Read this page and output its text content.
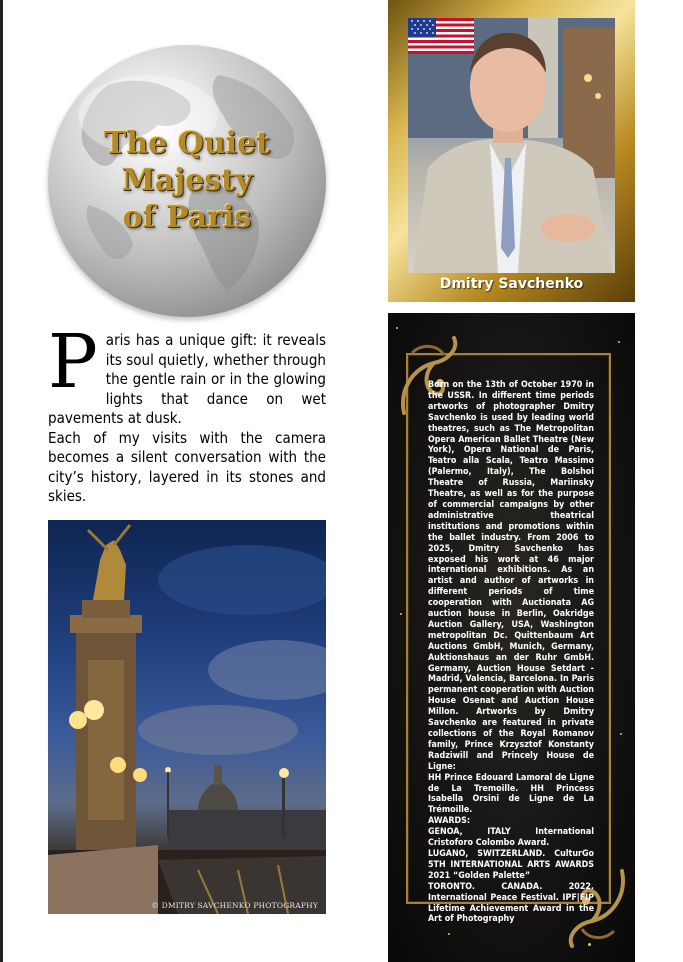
The Quiet
Majesty
of Paris
Dmitry Savchenko
P aris has a unique gift: it reveals its soul quietly, whether through the gentle rain or in the glowing lights that dance on wet pavements at dusk.

Each of my visits with the camera becomes a silent conversation with the city’s history, layered in its stones and skies.

© DMITRY SAVCHENKO PHOTOGRAPHY

Born on the 13th of October 1970 in the USSR. In different time periods artworks of photographer Dmitry Savchenko is used by leading world theatres, such as The Metropolitan Opera American Ballet Theatre (New York), Opera National de Paris, Teatro alla Scala, Teatro Massimo (Palermo, Italy), The Bolshoi Theatre of Russia, Mariinsky Theatre, as well as for the purpose of commercial campaigns by other administrative theatrical institutions and promotions within the ballet industry. From 2006 to 2025, Dmitry Savchenko has exposed his work at 46 major international exhibitions. As an artist and author of artworks in different periods of time cooperation with Auctionata AG auction house in Berlin, Oakridge Auction Gallery, USA, Washington metropolitan Dc. Quittenbaum Art Auctions GmbH, Munich, Germany, Auktionshaus an der Ruhr GmbH. Germany, Auction House Setdart - Madrid, Valencia, Barcelona. In Paris permanent cooperation with Auction House Osenat and Auction House Millon. Artworks by Dmitry Savchenko are featured in private collections of the Royal Romanov family, Prince Krzysztof Konstanty Radziwill and Princely House de Ligne:

HH Prince Edouard Lamoral de Ligne de La Tremoille. HH Princess Isabella Orsini de Ligne de La Trémoille.

AWARDS:

GENOA, ITALY International Cristoforo Colombo Award.

LUGANO, SWITZERLAND. CulturGo 5TH INTERNATIONAL ARTS AWARDS 2021 “Golden Palette”

TORONTO. CANADA. 2022. International Peace Festival. IPF|FIP Lifetime Achievement Award in the Art of Photography
